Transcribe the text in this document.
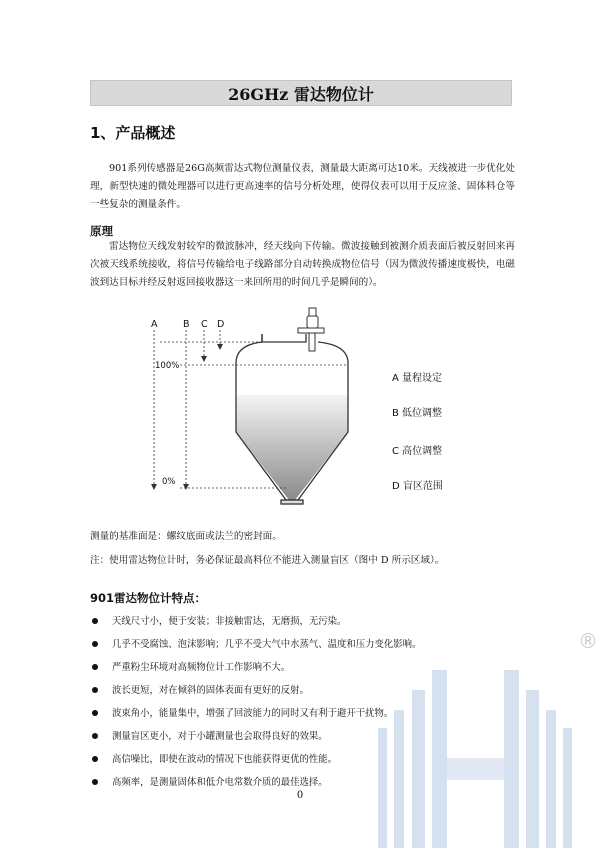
26GHz 雷达物位计
1、产品概述

901系列传感器是26G高频雷达式物位测量仪表，测量最大距离可达10米。天线被进一步优化处理，新型快速的微处理器可以进行更高速率的信号分析处理，使得仪表可以用于反应釜、固体料仓等一些复杂的测量条件。

原理

雷达物位天线发射较窄的微波脉冲，经天线向下传输。微波接触到被测介质表面后被反射回来再次被天线系统接收，将信号传输给电子线路部分自动转换成物位信号（因为微波传播速度极快，电磁波到达目标并经反射返回接收器这一来回所用的时间几乎是瞬间的）。

A	B C D
100%
0%
A 量程设定
B 低位调整
C 高位调整
D 盲区范围
测量的基准面是：螺纹底面或法兰的密封面。
注：使用雷达物位计时，务必保证最高料位不能进入测量盲区（图中 D 所示区域）。
901雷达物位计特点：
天线尺寸小，便于安装；非接触雷达，无磨损，无污染。
几乎不受腐蚀、泡沫影响；几乎不受大气中水蒸气、温度和压力变化影响。
严重粉尘环境对高频物位计工作影响不大。
波长更短，对在倾斜的固体表面有更好的反射。
波束角小，能量集中，增强了回波能力的同时又有利于避开干扰物。
测量盲区更小，对于小罐测量也会取得良好的效果。
高信噪比，即使在波动的情况下也能获得更优的性能。
高频率，是测量固体和低介电常数介质的最佳选择。
®
0
